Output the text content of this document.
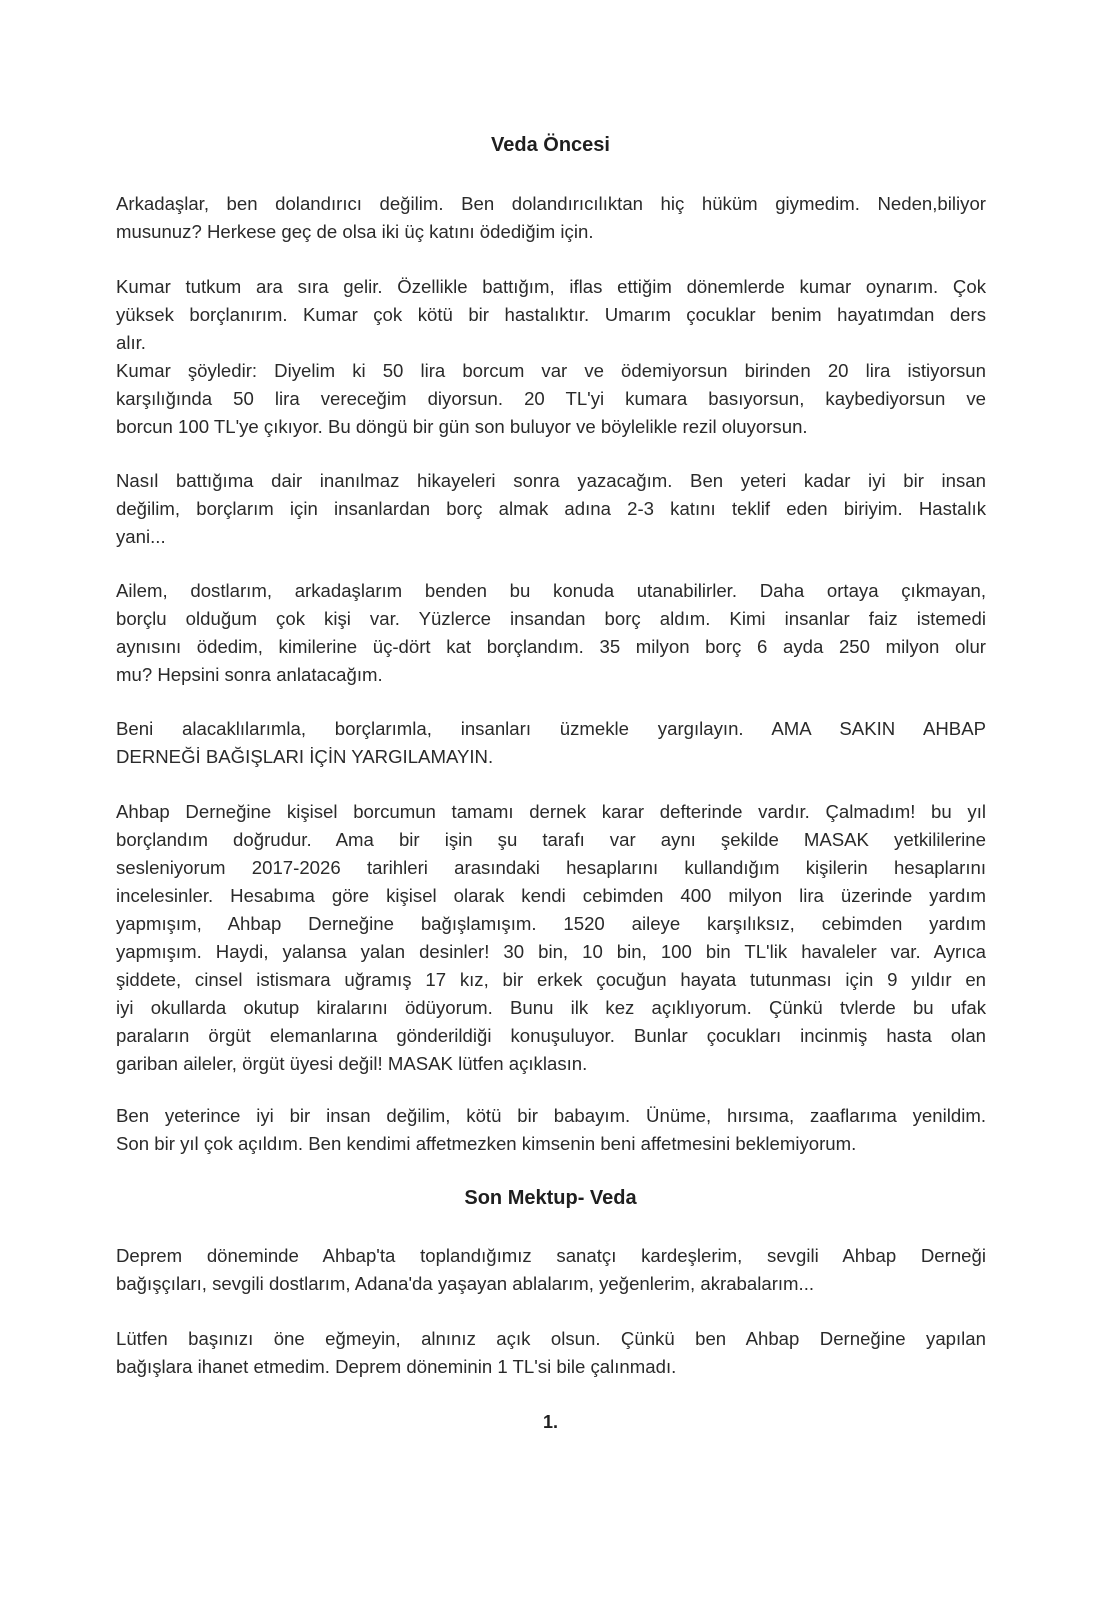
Veda Öncesi
Arkadaşlar, ben dolandırıcı değilim. Ben dolandırıcılıktan hiç hüküm giymedim. Neden,biliyor
musunuz? Herkese geç de olsa iki üç katını ödediğim için.
Kumar tutkum ara sıra gelir. Özellikle battığım, iflas ettiğim dönemlerde kumar oynarım. Çok
yüksek borçlanırım. Kumar çok kötü bir hastalıktır. Umarım çocuklar benim hayatımdan ders
alır.
Kumar şöyledir: Diyelim ki 50 lira borcum var ve ödemiyorsun birinden 20 lira istiyorsun
karşılığında 50 lira vereceğim diyorsun. 20 TL'yi kumara basıyorsun, kaybediyorsun ve
borcun 100 TL'ye çıkıyor. Bu döngü bir gün son buluyor ve böylelikle rezil oluyorsun.
Nasıl battığıma dair inanılmaz hikayeleri sonra yazacağım. Ben yeteri kadar iyi bir insan
değilim, borçlarım için insanlardan borç almak adına 2-3 katını teklif eden biriyim. Hastalık
yani...
Ailem, dostlarım, arkadaşlarım benden bu konuda utanabilirler. Daha ortaya çıkmayan,
borçlu olduğum çok kişi var. Yüzlerce insandan borç aldım. Kimi insanlar faiz istemedi
aynısını ödedim, kimilerine üç-dört kat borçlandım. 35 milyon borç 6 ayda 250 milyon olur
mu? Hepsini sonra anlatacağım.
Beni alacaklılarımla, borçlarımla, insanları üzmekle yargılayın. AMA SAKIN AHBAP
DERNEĞİ BAĞIŞLARI İÇİN YARGILAMAYIN.
Ahbap Derneğine kişisel borcumun tamamı dernek karar defterinde vardır. Çalmadım! bu yıl
borçlandım doğrudur. Ama bir işin şu tarafı var aynı şekilde MASAK yetkililerine
sesleniyorum 2017-2026 tarihleri arasındaki hesaplarını kullandığım kişilerin hesaplarını
incelesinler. Hesabıma göre kişisel olarak kendi cebimden 400 milyon lira üzerinde yardım
yapmışım, Ahbap Derneğine bağışlamışım. 1520 aileye karşılıksız, cebimden yardım
yapmışım. Haydi, yalansa yalan desinler! 30 bin, 10 bin, 100 bin TL'lik havaleler var. Ayrıca
şiddete, cinsel istismara uğramış 17 kız, bir erkek çocuğun hayata tutunması için 9 yıldır en
iyi okullarda okutup kiralarını ödüyorum. Bunu ilk kez açıklıyorum. Çünkü tvlerde bu ufak
paraların örgüt elemanlarına gönderildiği konuşuluyor. Bunlar çocukları incinmiş hasta olan
gariban aileler, örgüt üyesi değil! MASAK lütfen açıklasın.
Ben yeterince iyi bir insan değilim, kötü bir babayım. Ünüme, hırsıma, zaaflarıma yenildim.
Son bir yıl çok açıldım. Ben kendimi affetmezken kimsenin beni affetmesini beklemiyorum.
Son Mektup- Veda
Deprem döneminde Ahbap'ta toplandığımız sanatçı kardeşlerim, sevgili Ahbap Derneği
bağışçıları, sevgili dostlarım, Adana'da yaşayan ablalarım, yeğenlerim, akrabalarım...
Lütfen başınızı öne eğmeyin, alnınız açık olsun. Çünkü ben Ahbap Derneğine yapılan
bağışlara ihanet etmedim. Deprem döneminin 1 TL'si bile çalınmadı.
1.
